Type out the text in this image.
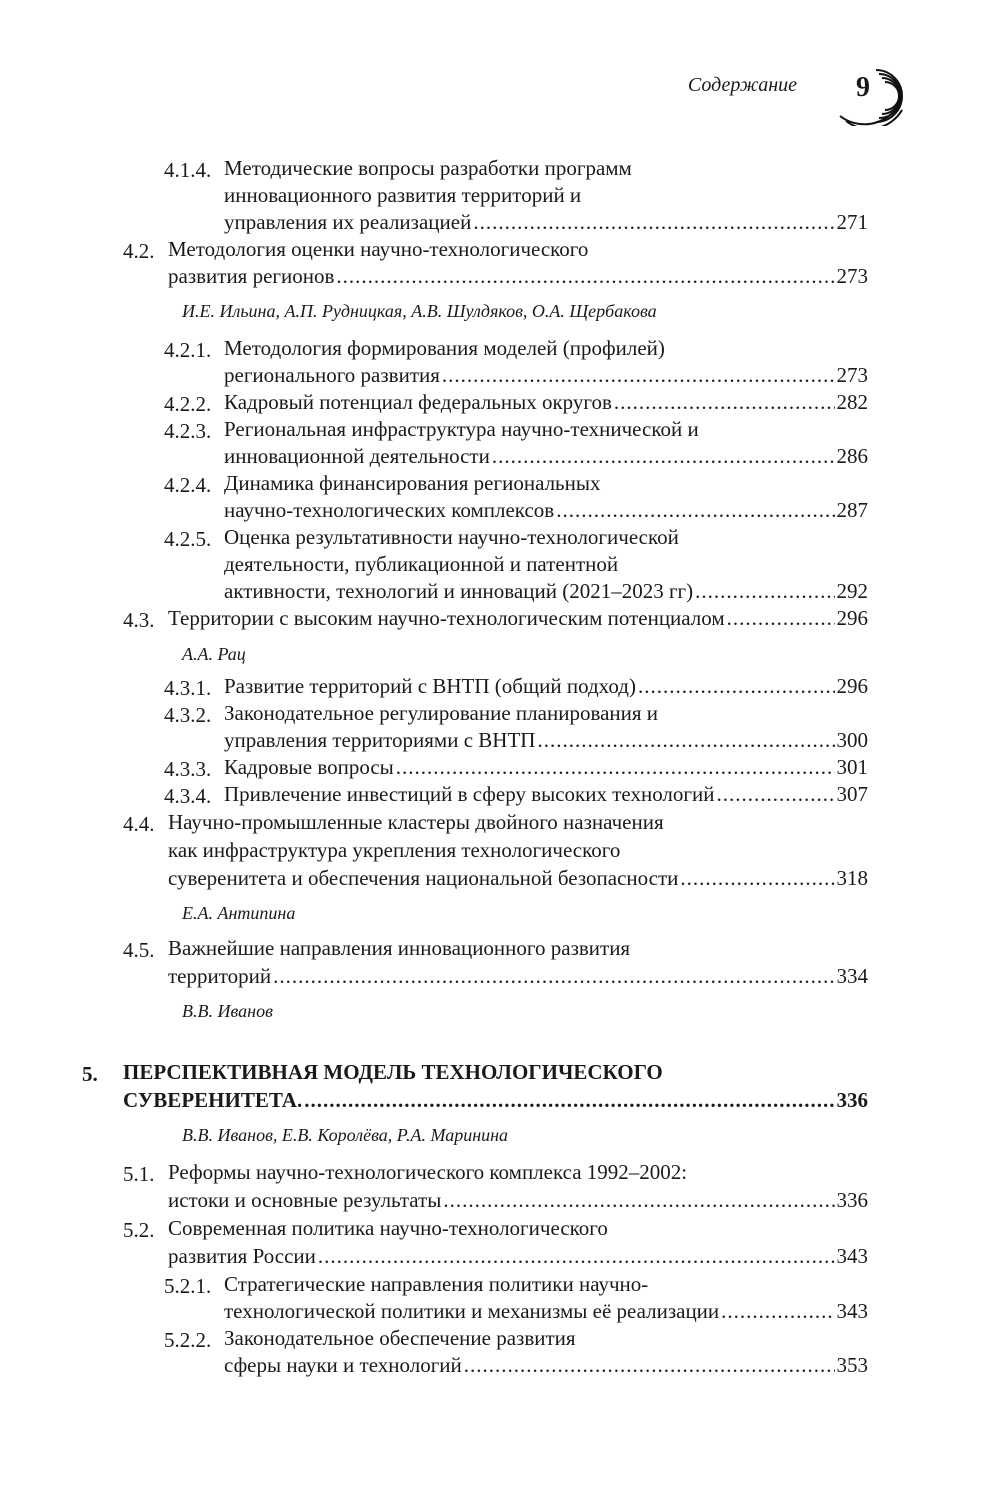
Содержание 9
4.1.4. Методические вопросы разработки программ
инновационного развития территорий и
управления их реализацией .....	271
4.2. Методология оценки научно-технологического
развития регионов .....	273
И.Е. Ильина, А.П. Рудницкая, А.В. Шулдяков, О.А. Щербакова
4.2.1. Методология формирования моделей (профилей)
регионального развития .....	273
4.2.2. Кадровый потенциал федеральных округов .....	282
4.2.3. Региональная инфраструктура научно-технической и
инновационной деятельности .....	286
4.2.4. Динамика финансирования региональных
научно-технологических комплексов .....	287
4.2.5. Оценка результативности научно-технологической
деятельности, публикационной и патентной
активности, технологий и инноваций (2021–2023 гг) .....	292
4.3. Территории с высоким научно-технологическим потенциалом .....	296
А.А. Рац
4.3.1. Развитие территорий с ВНТП (общий подход) .....	296
4.3.2. Законодательное регулирование планирования и
управления территориями с ВНТП .....	300
4.3.3. Кадровые вопросы .....	301
4.3.4. Привлечение инвестиций в сферу высоких технологий .....	307
4.4. Научно-промышленные кластеры двойного назначения
как инфраструктура укрепления технологического
суверенитета и обеспечения национальной безопасности .....	318
Е.А. Антипина
4.5. Важнейшие направления инновационного развития
территорий .....	334
В.В. Иванов
5. ПЕРСПЕКТИВНАЯ МОДЕЛЬ ТЕХНОЛОГИЧЕСКОГО
СУВЕРЕНИТЕТА. .....	336
В.В. Иванов, Е.В. Королёва, Р.А. Маринина
5.1. Реформы научно-технологического комплекса 1992–2002:
истоки и основные результаты .....	336
5.2. Современная политика научно-технологического
развития России .....	343
5.2.1. Стратегические направления политики научно-
технологической политики и механизмы её реализации .....	343
5.2.2. Законодательное обеспечение развития
сферы науки и технологий .....	353
